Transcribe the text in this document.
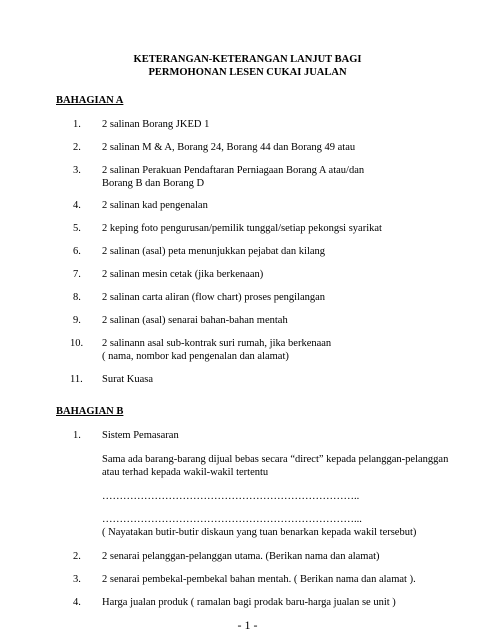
KETERANGAN-KETERANGAN LANJUT BAGI
PERMOHONAN LESEN CUKAI JUALAN
BAHAGIAN A
1.	2 salinan Borang JKED 1
2.	2 salinan M & A, Borang 24, Borang 44 dan Borang 49 atau
3.	2 salinan Perakuan Pendaftaran Perniagaan Borang A atau/dan
Borang B dan Borang D
4.	2 salinan kad pengenalan
5.	2 keping foto pengurusan/pemilik tunggal/setiap pekongsi syarikat
6.	2 salinan (asal) peta menunjukkan pejabat dan kilang
7.	2 salinan mesin cetak (jika berkenaan)
8.	2 salinan carta aliran (flow chart) proses pengilangan
9.	2 salinan (asal) senarai bahan-bahan mentah
10.	2 salinann asal sub-kontrak suri rumah, jika berkenaan
( nama, nombor kad pengenalan dan alamat)
11.	Surat Kuasa
BAHAGIAN B
1.	Sistem Pemasaran
Sama ada barang-barang dijual bebas secara “direct” kepada pelanggan-pelanggan
atau terhad kepada wakil-wakil tertentu
………………………………………………………………..
………………………………………………………………...
( Nayatakan butir-butir diskaun yang tuan benarkan kepada wakil tersebut)
2.	2 senarai pelanggan-pelanggan utama. (Berikan nama dan alamat)
3.	2 senarai pembekal-pembekal bahan mentah. ( Berikan nama dan alamat ).
4.	Harga jualan produk ( ramalan bagi prodak baru-harga jualan se unit )
- 1 -
